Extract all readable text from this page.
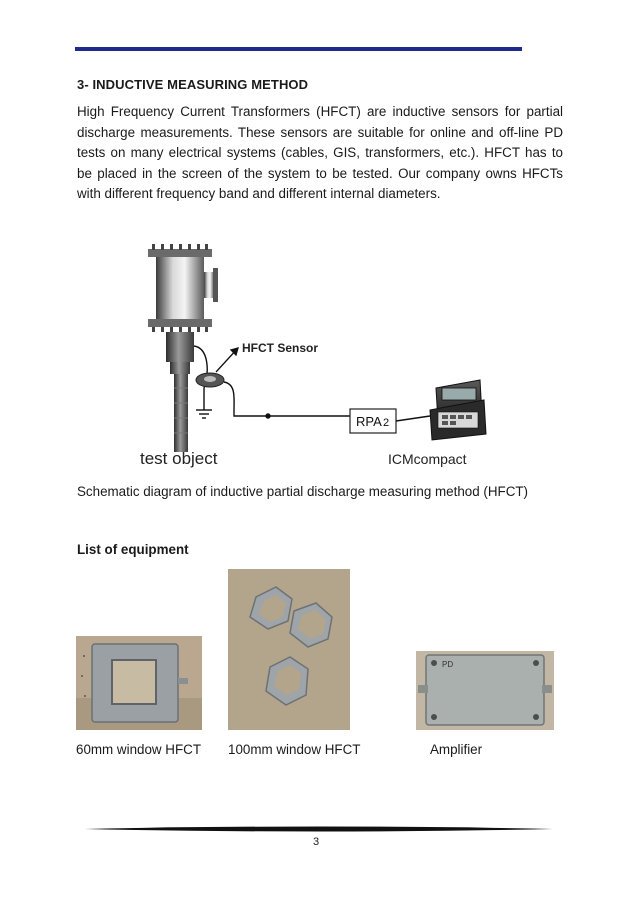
3- INDUCTIVE MEASURING METHOD
High Frequency Current Transformers (HFCT) are inductive sensors for partial discharge measurements. These sensors are suitable for online and off-line PD tests on many electrical systems (cables, GIS, transformers, etc.). HFCT has to be placed in the screen of the system to be tested. Our company owns HFCTs with different frequency band and different internal diameters.
HFCT Sensor
RPA 2
test object	ICMcompact
Schematic diagram of inductive partial discharge measuring method (HFCT)
List of equipment
PD
60mm window HFCT 100mm window HFCT	Amplifier
3
